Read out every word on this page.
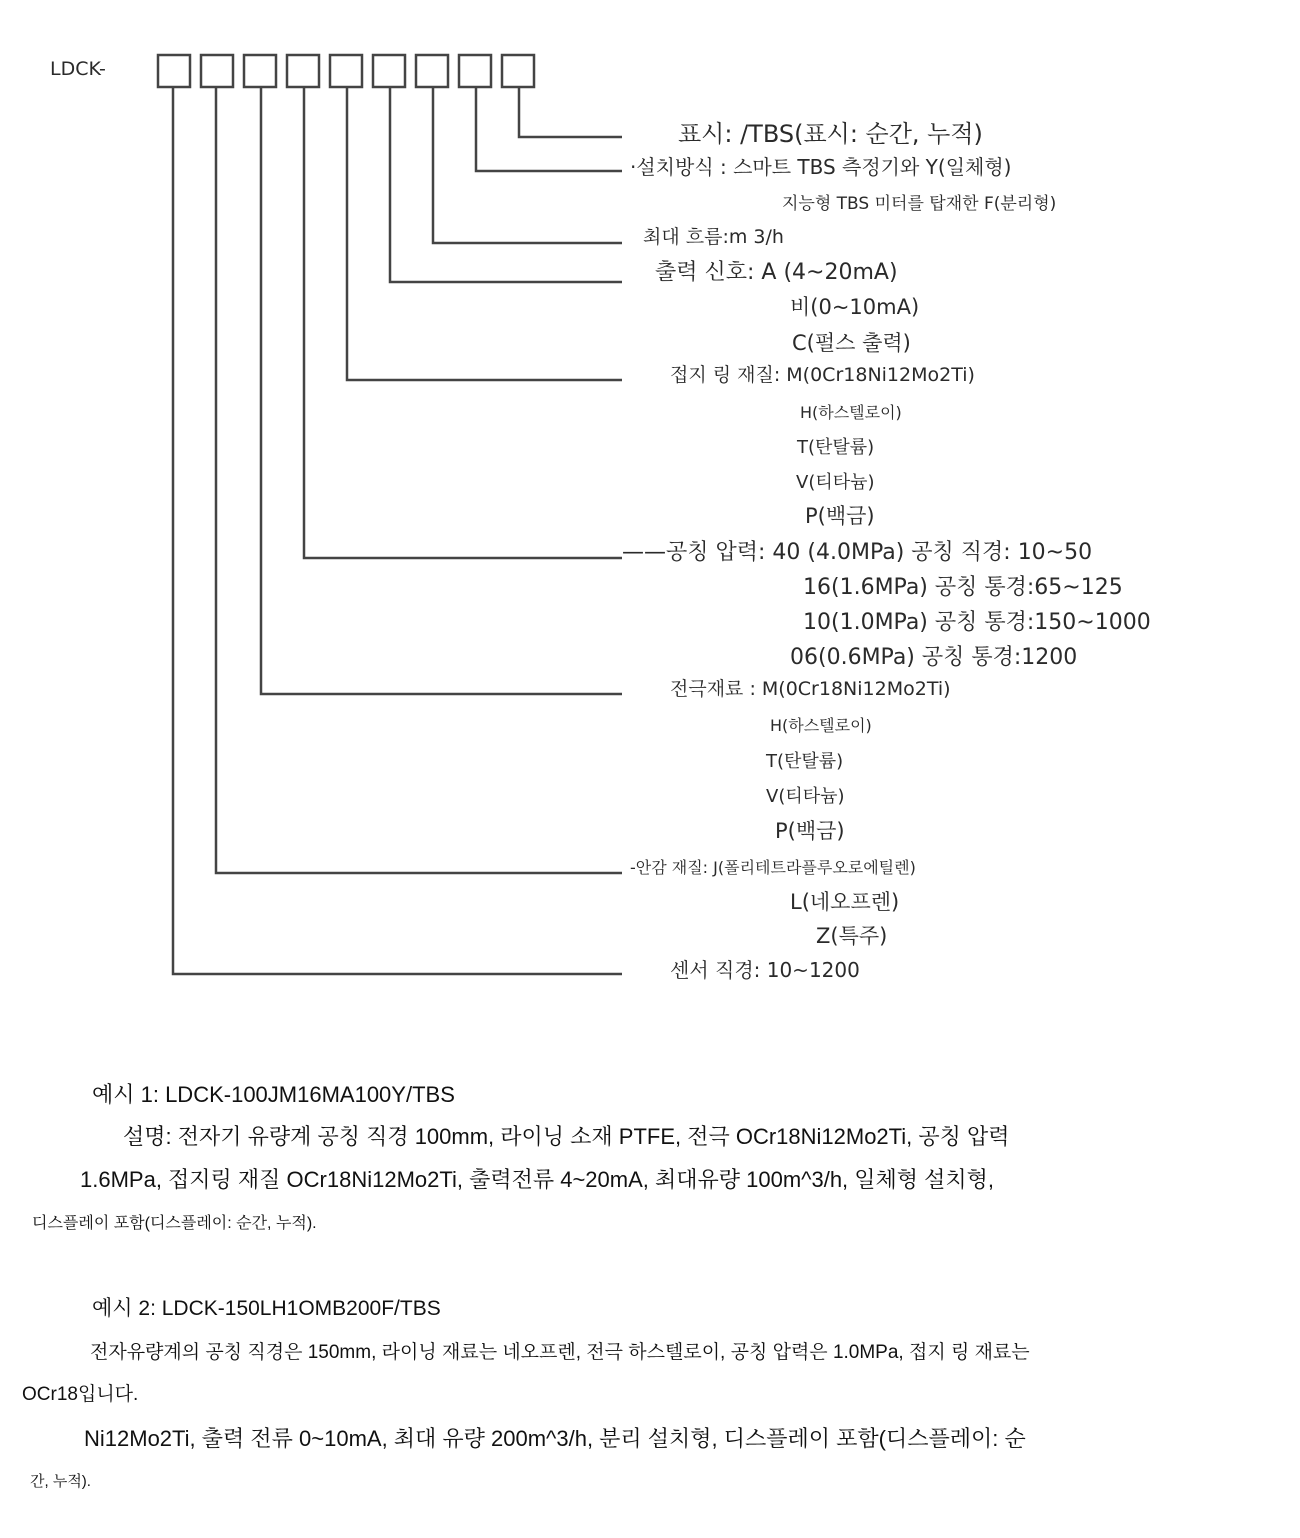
LDCK-
표시: /TBS(표시: 순간, 누적)
·설치방식 : 스마트 TBS 측정기와 Y(일체형)
지능형 TBS 미터를 탑재한 F(분리형)
최대 흐름:m 3/h
출력 신호: A (4~20mA)
비(0~10mA)
C(펄스 출력)
접지 링 재질: M(0Cr18Ni12Mo2Ti)
H(하스텔로이)
T(탄탈륨)
V(티타늄)
P(백금)
——공칭 압력: 40 (4.0MPa) 공칭 직경: 10~50
16(1.6MPa) 공칭 통경:65~125
10(1.0MPa) 공칭 통경:150~1000
06(0.6MPa) 공칭 통경:1200
전극재료 : M(0Cr18Ni12Mo2Ti)
H(하스텔로이)
T(탄탈륨)
V(티타늄)
P(백금)
-안감 재질: J(폴리테트라플루오로에틸렌)
L(네오프렌)
Z(특주)
센서 직경: 10~1200
예시 1: LDCK-100JM16MA100Y/TBS
설명: 전자기 유량계 공칭 직경 100mm, 라이닝 소재 PTFE, 전극 OCr18Ni12Mo2Ti, 공칭 압력
1.6MPa, 접지링 재질 OCr18Ni12Mo2Ti, 출력전류 4~20mA, 최대유량 100m^3/h, 일체형 설치형,
디스플레이 포함(디스플레이: 순간, 누적).
예시 2: LDCK-150LH1OMB200F/TBS
전자유량계의 공칭 직경은 150mm, 라이닝 재료는 네오프렌, 전극 하스텔로이, 공칭 압력은 1.0MPa, 접지 링 재료는
OCr18입니다.
Ni12Mo2Ti, 출력 전류 0~10mA, 최대 유량 200m^3/h, 분리 설치형, 디스플레이 포함(디스플레이: 순
간, 누적).
